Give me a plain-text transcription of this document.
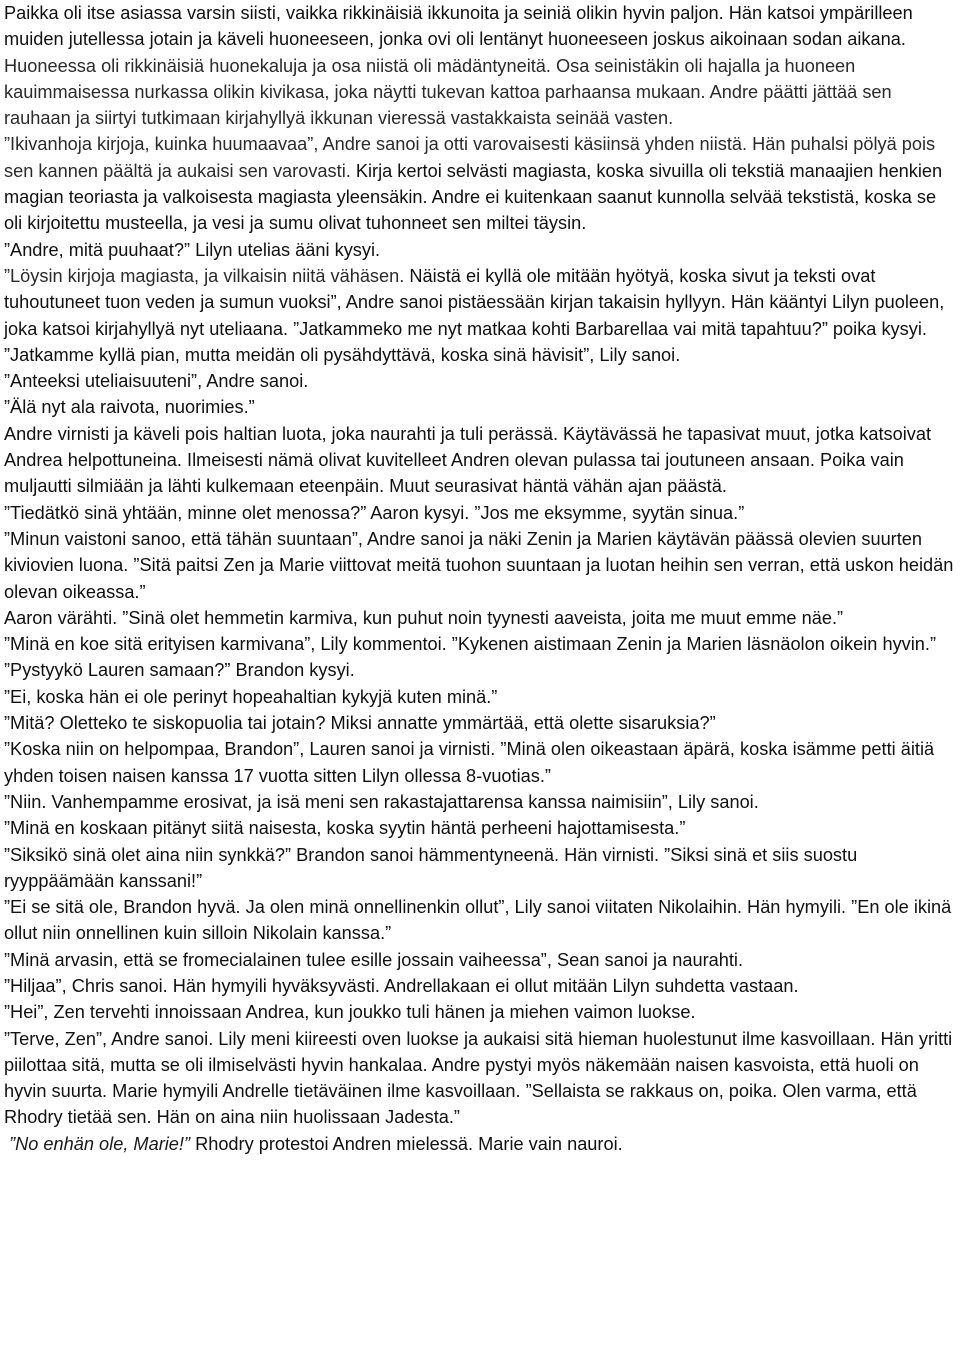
Paikka oli itse asiassa varsin siisti, vaikka rikkinäisiä ikkunoita ja seiniä olikin hyvin paljon. Hän katsoi ympärilleen muiden jutellessa jotain ja käveli huoneeseen, jonka ovi oli lentänyt huoneeseen joskus aikoinaan sodan aikana. Huoneessa oli rikkinäisiä huonekaluja ja osa niistä oli mädäntyneitä. Osa seinistäkin oli hajalla ja huoneen kauimmaisessa nurkassa olikin kivikasa, joka näytti tukevan kattoa parhaansa mukaan. Andre päätti jättää sen rauhaan ja siirtyi tutkimaan kirjahyllyä ikkunan vieressä vastakkaista seinää vasten.

”Ikivanhoja kirjoja, kuinka huumaavaa”, Andre sanoi ja otti varovaisesti käsiinsä yhden niistä. Hän puhalsi pölyä pois sen kannen päältä ja aukaisi sen varovasti. Kirja kertoi selvästi magiasta, koska sivuilla oli tekstiä manaajien henkien magian teoriasta ja valkoisesta magiasta yleensäkin. Andre ei kuitenkaan saanut kunnolla selvää tekstistä, koska se oli kirjoitettu musteella, ja vesi ja sumu olivat tuhonneet sen miltei täysin.

”Andre, mitä puuhaat?” Lilyn utelias ääni kysyi.

”Löysin kirjoja magiasta, ja vilkaisin niitä vähäsen. Näistä ei kyllä ole mitään hyötyä, koska sivut ja teksti ovat tuhoutuneet tuon veden ja sumun vuoksi”, Andre sanoi pistäessään kirjan takaisin hyllyyn. Hän kääntyi Lilyn puoleen, joka katsoi kirjahyllyä nyt uteliaana. ”Jatkammeko me nyt matkaa kohti Barbarellaa vai mitä tapahtuu?” poika kysyi.

”Jatkamme kyllä pian, mutta meidän oli pysähdyttävä, koska sinä hävisit”, Lily sanoi.

”Anteeksi uteliaisuuteni”, Andre sanoi.

”Älä nyt ala raivota, nuorimies.”

Andre virnisti ja käveli pois haltian luota, joka naurahti ja tuli perässä. Käytävässä he tapasivat muut, jotka katsoivat Andrea helpottuneina. Ilmeisesti nämä olivat kuvitelleet Andren olevan pulassa tai joutuneen ansaan. Poika vain muljautti silmiään ja lähti kulkemaan eteenpäin. Muut seurasivat häntä vähän ajan päästä.

”Tiedätkö sinä yhtään, minne olet menossa?” Aaron kysyi. ”Jos me eksymme, syytän sinua.”

”Minun vaistoni sanoo, että tähän suuntaan”, Andre sanoi ja näki Zenin ja Marien käytävän päässä olevien suurten kiviovien luona. ”Sitä paitsi Zen ja Marie viittovat meitä tuohon suuntaan ja luotan heihin sen verran, että uskon heidän olevan oikeassa.”

Aaron värähti. ”Sinä olet hemmetin karmiva, kun puhut noin tyynesti aaveista, joita me muut emme näe.”

”Minä en koe sitä erityisen karmivana”, Lily kommentoi. ”Kykenen aistimaan Zenin ja Marien läsnäolon oikein hyvin.”

”Pystyykö Lauren samaan?” Brandon kysyi.

”Ei, koska hän ei ole perinyt hopeahaltian kykyjä kuten minä.”

”Mitä? Oletteko te siskopuolia tai jotain? Miksi annatte ymmärtää, että olette sisaruksia?”

”Koska niin on helpompaa, Brandon”, Lauren sanoi ja virnisti. ”Minä olen oikeastaan äpärä, koska isämme petti äitiä yhden toisen naisen kanssa 17 vuotta sitten Lilyn ollessa 8-vuotias.”

”Niin. Vanhempamme erosivat, ja isä meni sen rakastajattarensa kanssa naimisiin”, Lily sanoi.

”Minä en koskaan pitänyt siitä naisesta, koska syytin häntä perheeni hajottamisesta.”

”Siksikö sinä olet aina niin synkkä?” Brandon sanoi hämmentyneenä. Hän virnisti. ”Siksi sinä et siis suostu ryyppäämään kanssani!”

”Ei se sitä ole, Brandon hyvä. Ja olen minä onnellinenkin ollut”, Lily sanoi viitaten Nikolaihin. Hän hymyili. ”En ole ikinä ollut niin onnellinen kuin silloin Nikolain kanssa.”

”Minä arvasin, että se fromecialainen tulee esille jossain vaiheessa”, Sean sanoi ja naurahti.

”Hiljaa”, Chris sanoi. Hän hymyili hyväksyvästi. Andrellakaan ei ollut mitään Lilyn suhdetta vastaan.

”Hei”, Zen tervehti innoissaan Andrea, kun joukko tuli hänen ja miehen vaimon luokse.

”Terve, Zen”, Andre sanoi. Lily meni kiireesti oven luokse ja aukaisi sitä hieman huolestunut ilme kasvoillaan. Hän yritti piilottaa sitä, mutta se oli ilmiselvästi hyvin hankalaa. Andre pystyi myös näkemään naisen kasvoista, että huoli on hyvin suurta. Marie hymyili Andrelle tietäväinen ilme kasvoillaan. ”Sellaista se rakkaus on, poika. Olen varma, että Rhodry tietää sen. Hän on aina niin huolissaan Jadesta.”

”No enhän ole, Marie!” Rhodry protestoi Andren mielessä. Marie vain nauroi.
